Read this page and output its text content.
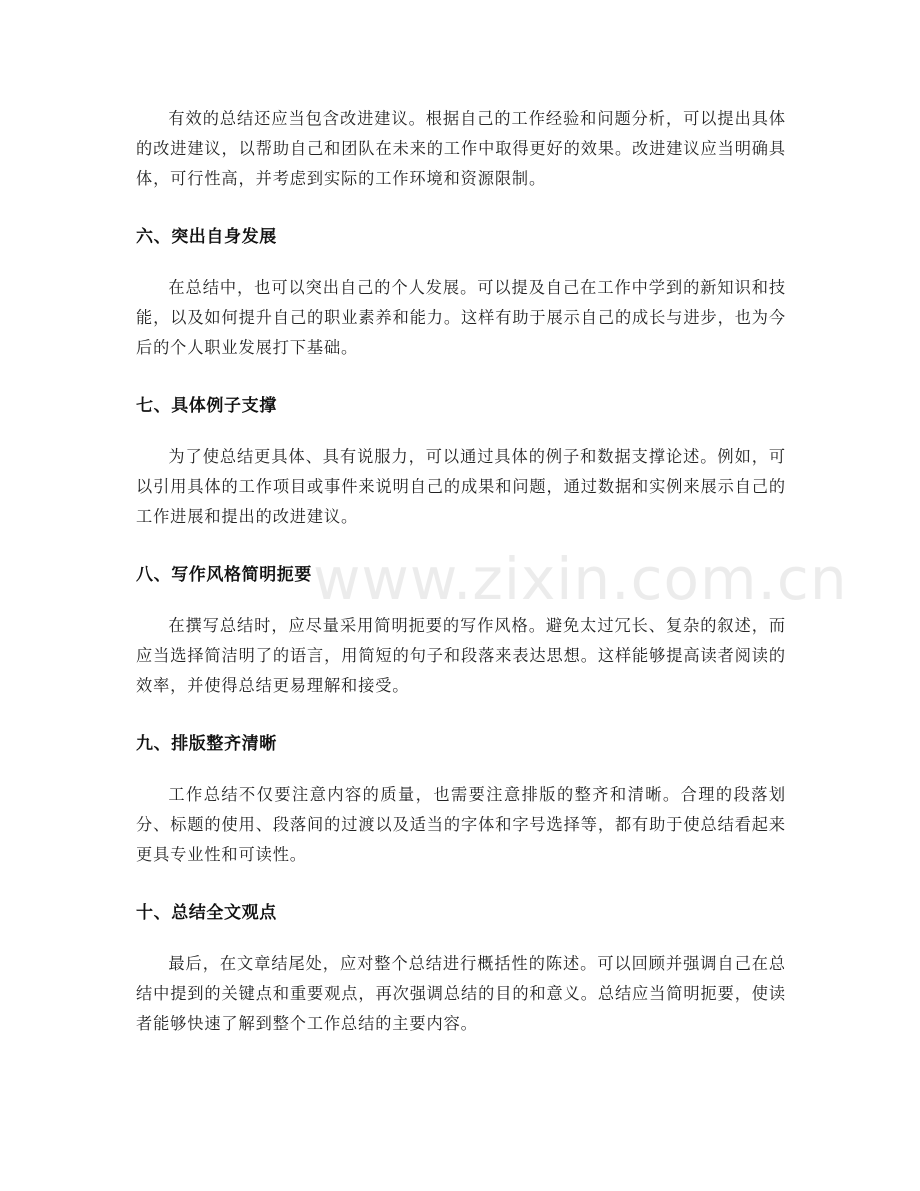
有效的总结还应当包含改进建议。根据自己的工作经验和问题分析，可以提出具体的改进建议，以帮助自己和团队在未来的工作中取得更好的效果。改进建议应当明确具体，可行性高，并考虑到实际的工作环境和资源限制。

六、突出自身发展

在总结中，也可以突出自己的个人发展。可以提及自己在工作中学到的新知识和技能，以及如何提升自己的职业素养和能力。这样有助于展示自己的成长与进步，也为今后的个人职业发展打下基础。

七、具体例子支撑

为了使总结更具体、具有说服力，可以通过具体的例子和数据支撑论述。例如，可以引用具体的工作项目或事件来说明自己的成果和问题，通过数据和实例来展示自己的工作进展和提出的改进建议。

八、写作风格简明扼要

在撰写总结时，应尽量采用简明扼要的写作风格。避免太过冗长、复杂的叙述，而应当选择简洁明了的语言，用简短的句子和段落来表达思想。这样能够提高读者阅读的效率，并使得总结更易理解和接受。

九、排版整齐清晰

工作总结不仅要注意内容的质量，也需要注意排版的整齐和清晰。合理的段落划分、标题的使用、段落间的过渡以及适当的字体和字号选择等，都有助于使总结看起来更具专业性和可读性。

十、总结全文观点

最后，在文章结尾处，应对整个总结进行概括性的陈述。可以回顾并强调自己在总结中提到的关键点和重要观点，再次强调总结的目的和意义。总结应当简明扼要，使读者能够快速了解到整个工作总结的主要内容。

www.zixin.com.cn
